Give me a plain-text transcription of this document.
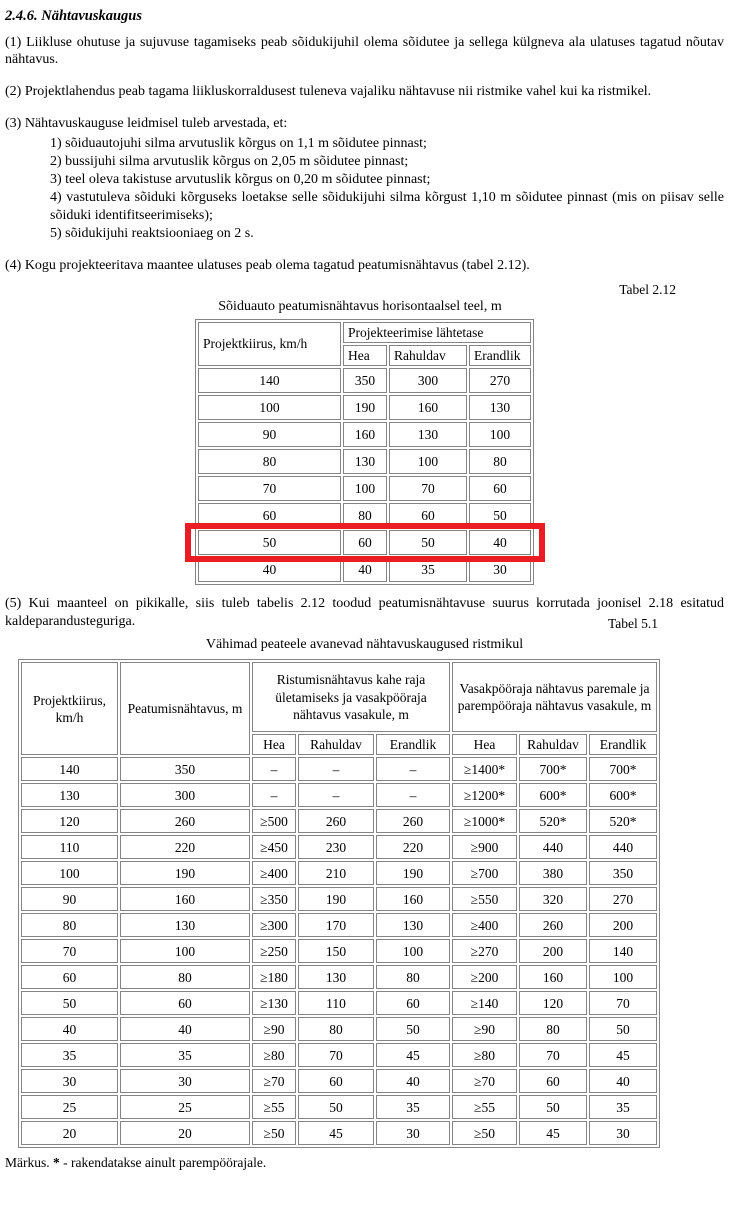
2.4.6. Nähtavuskaugus

(1) Liikluse ohutuse ja sujuvuse tagamiseks peab sõidukijuhil olema sõidutee ja sellega külgneva ala ulatuses tagatud nõutav nähtavus.

(2) Projektlahendus peab tagama liikluskorraldusest tuleneva vajaliku nähtavuse nii ristmike vahel kui ka ristmikel.

(3) Nähtavuskauguse leidmisel tuleb arvestada, et:

1) sõiduautojuhi silma arvutuslik kõrgus on 1,1 m sõidutee pinnast;
2) bussijuhi silma arvutuslik kõrgus on 2,05 m sõidutee pinnast;
3) teel oleva takistuse arvutuslik kõrgus on 0,20 m sõidutee pinnast;
4) vastutuleva sõiduki kõrguseks loetakse selle sõidukijuhi silma kõrgust 1,10 m sõidutee pinnast (mis on piisav selle sõiduki identifitseerimiseks);
5) sõidukijuhi reaktsiooniaeg on 2 s.

(4) Kogu projekteeritava maantee ulatuses peab olema tagatud peatumisnähtavus (tabel 2.12).

Tabel 2.12
Sõiduauto peatumisnähtavus horisontaalsel teel, m
Projektkiirus, km/h	Projekteerimise lähtetase		
	Hea	Rahuldav	Erandlik
140	350	300	270
100	190	160	130
90	160	130	100
80	130	100	80
70	100	70	60
60	80	60	50
50	60	50	40
40	40	35	30

(5) Kui maanteel on pikikalle, siis tuleb tabelis 2.12 toodud peatumisnähtavuse suurus korrutada joonisel 2.18 esitatud kaldeparandusteguriga.	Tabel 5.1
Vähimad peateele avanevad nähtavuskaugused ristmikul
Projektkiirus, km/h	Peatumisnähtavus, m	Ristumisnähtavus kahe raja ületamiseks ja vasakpööraja nähtavus vasakule, m			Vasakpööraja nähtavus paremale ja parempööraja nähtavus vasakule, m		
		Hea	Rahuldav	Erandlik	Hea	Rahuldav	Erandlik
140	350	–	–	–	≥1400*	700*	700*
130	300	–	–	–	≥1200*	600*	600*
120	260	≥500	260	260	≥1000*	520*	520*
110	220	≥450	230	220	≥900	440	440
100	190	≥400	210	190	≥700	380	350
90	160	≥350	190	160	≥550	320	270
80	130	≥300	170	130	≥400	260	200
70	100	≥250	150	100	≥270	200	140
60	80	≥180	130	80	≥200	160	100
50	60	≥130	110	60	≥140	120	70
40	40	≥90	80	50	≥90	80	50
35	35	≥80	70	45	≥80	70	45
30	30	≥70	60	40	≥70	60	40
25	25	≥55	50	35	≥55	50	35
20	20	≥50	45	30	≥50	45	30

Märkus. * - rakendatakse ainult parempöörajale.
